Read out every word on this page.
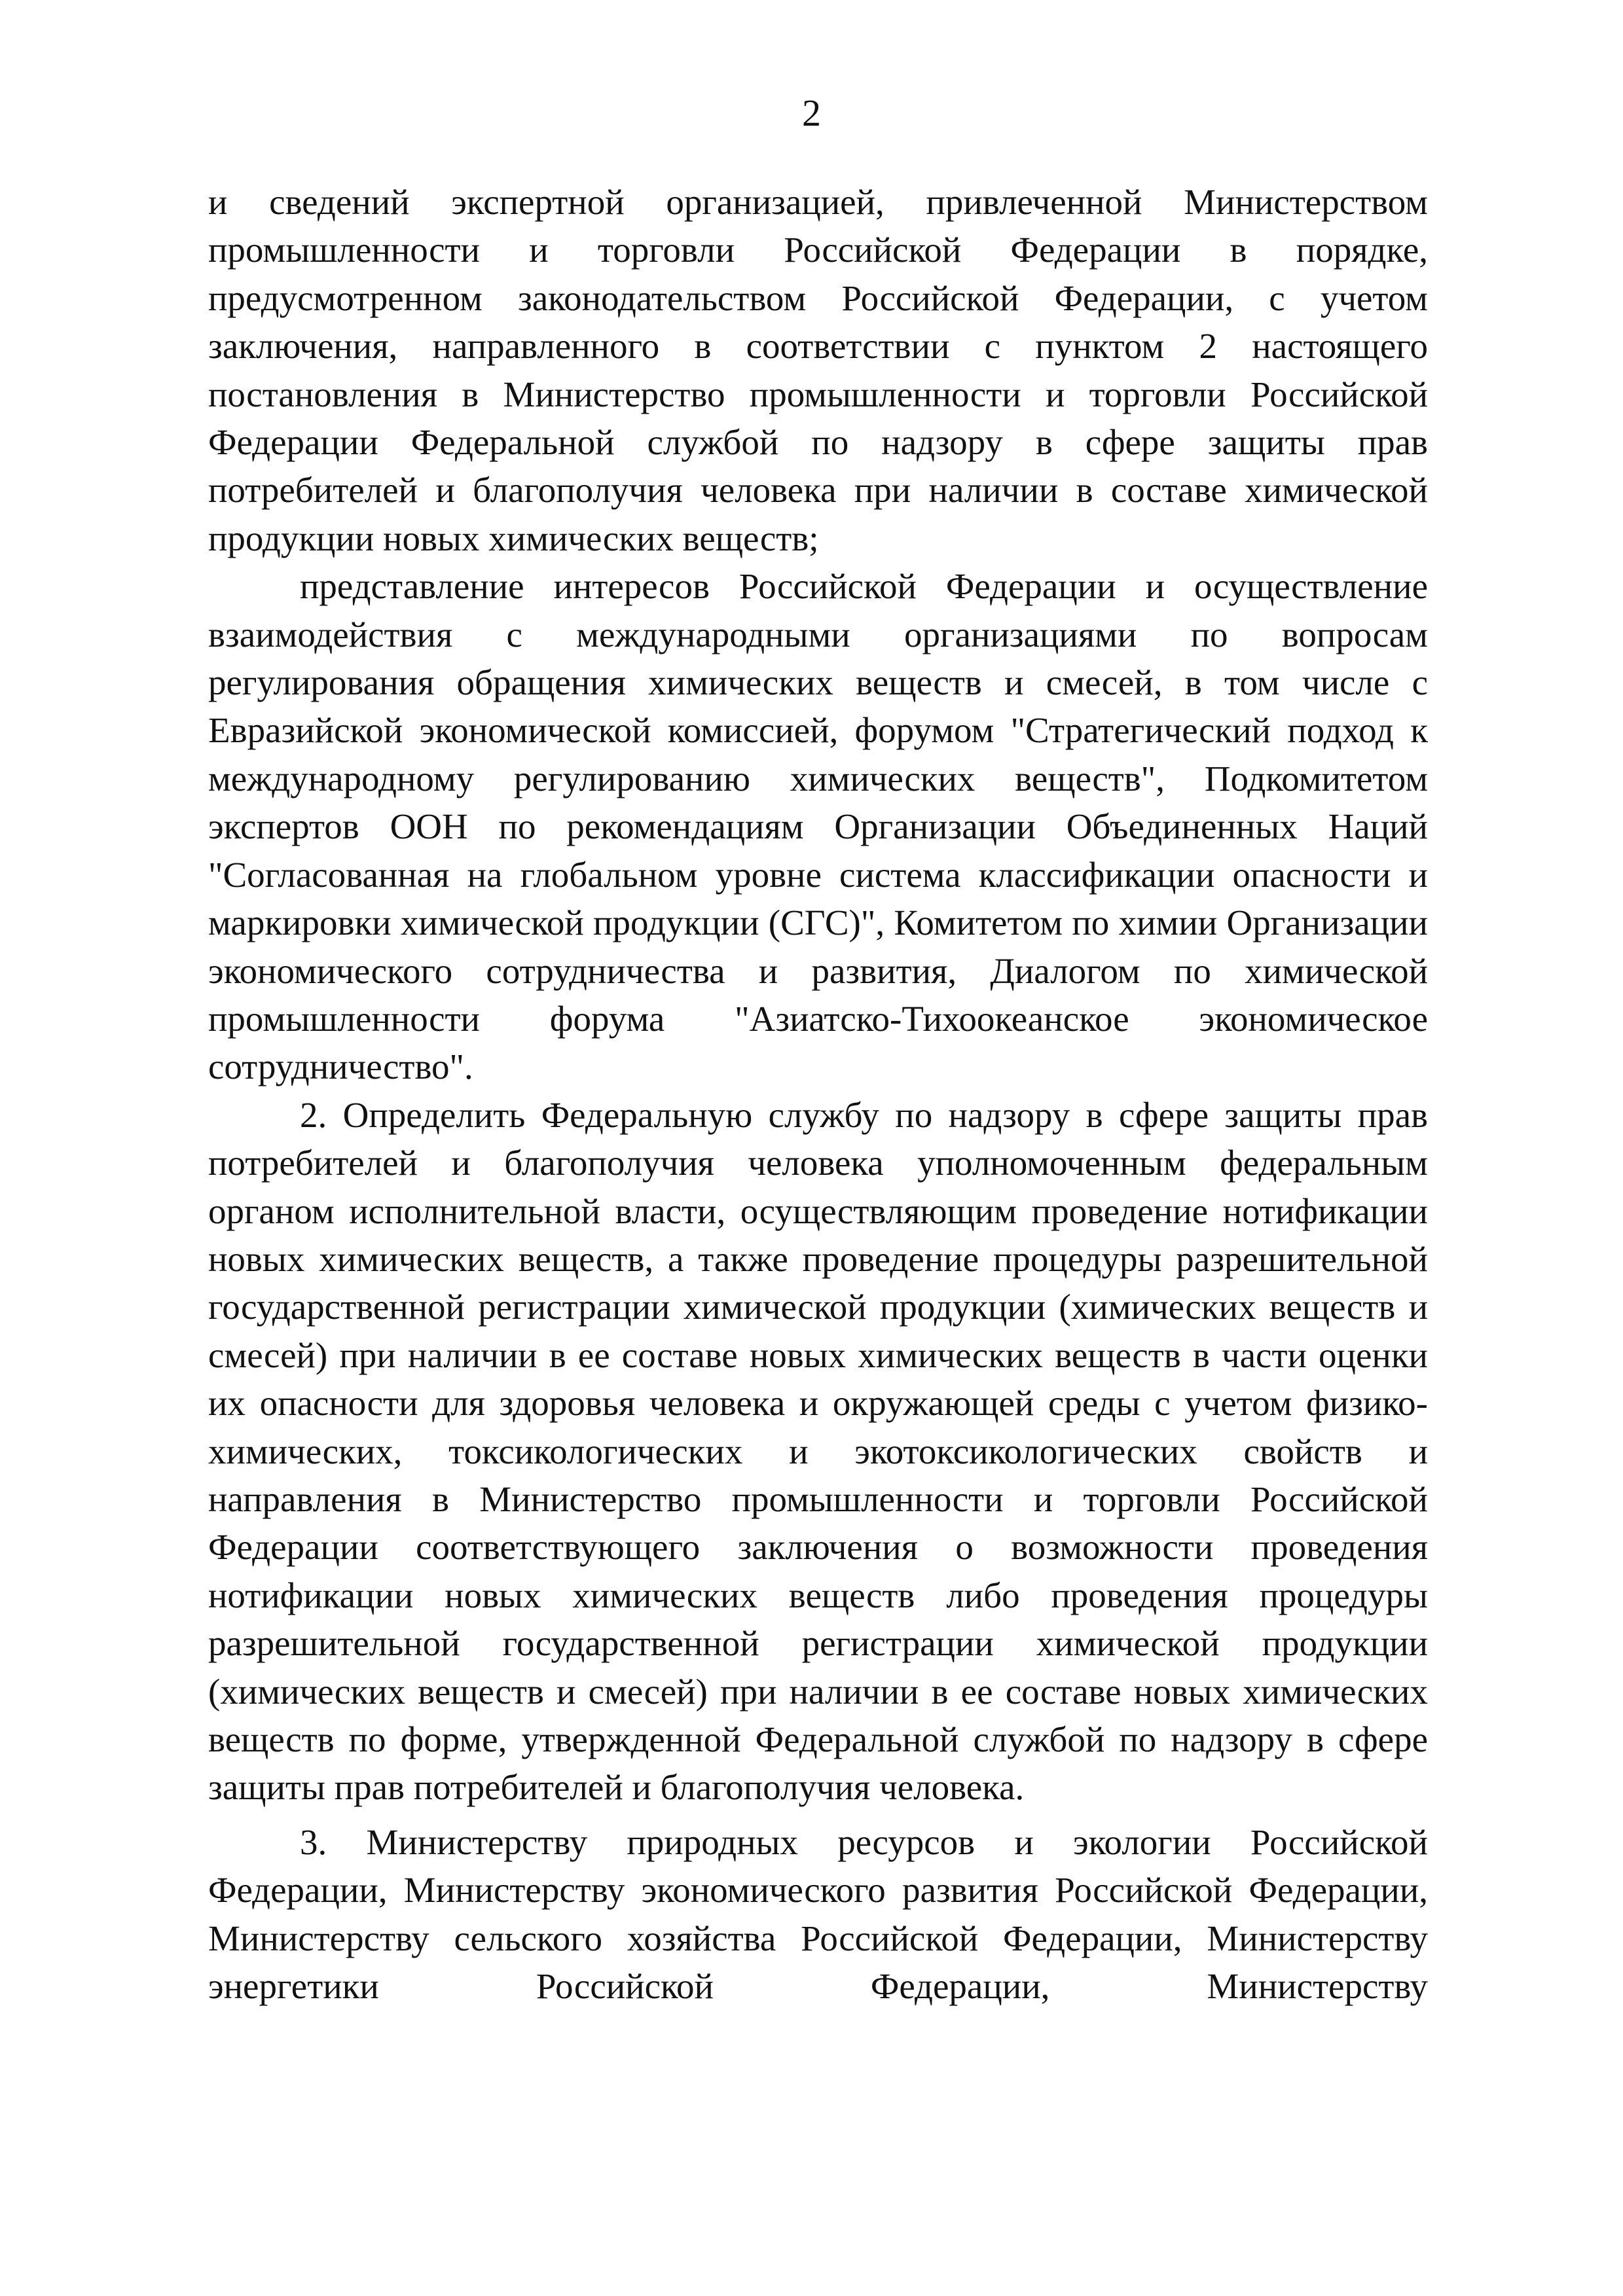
2

и сведений экспертной организацией, привлеченной Министерством промышленности и торговли Российской Федерации в порядке, предусмотренном законодательством Российской Федерации, с учетом заключения, направленного в соответствии с пунктом 2 настоящего постановления в Министерство промышленности и торговли Российской Федерации Федеральной службой по надзору в сфере защиты прав потребителей и благополучия человека при наличии в составе химической продукции новых химических веществ;

представление интересов Российской Федерации и осуществление взаимодействия с международными организациями по вопросам регулирования обращения химических веществ и смесей, в том числе с Евразийской экономической комиссией, форумом "Стратегический подход к международному регулированию химических веществ", Подкомитетом экспертов ООН по рекомендациям Организации Объединенных Наций "Согласованная на глобальном уровне система классификации опасности и маркировки химической продукции (СГС)", Комитетом по химии Организации экономического сотрудничества и развития, Диалогом по химической промышленности форума "Азиатско-Тихоокеанское экономическое сотрудничество".

2. Определить Федеральную службу по надзору в сфере защиты прав потребителей и благополучия человека уполномоченным федеральным органом исполнительной власти, осуществляющим проведение нотификации новых химических веществ, а также проведение процедуры разрешительной государственной регистрации химической продукции (химических веществ и смесей) при наличии в ее составе новых химических веществ в части оценки их опасности для здоровья человека и окружающей среды с учетом физико-химических, токсикологических и экотоксикологических свойств и направления в Министерство промышленности и торговли Российской Федерации соответствующего заключения о возможности проведения нотификации новых химических веществ либо проведения процедуры разрешительной государственной регистрации химической продукции (химических веществ и смесей) при наличии в ее составе новых химических веществ по форме, утвержденной Федеральной службой по надзору в сфере защиты прав потребителей и благополучия человека.

3. Министерству природных ресурсов и экологии Российской Федерации, Министерству экономического развития Российской Федерации, Министерству сельского хозяйства Российской Федерации, Министерству энергетики Российской Федерации, Министерству
